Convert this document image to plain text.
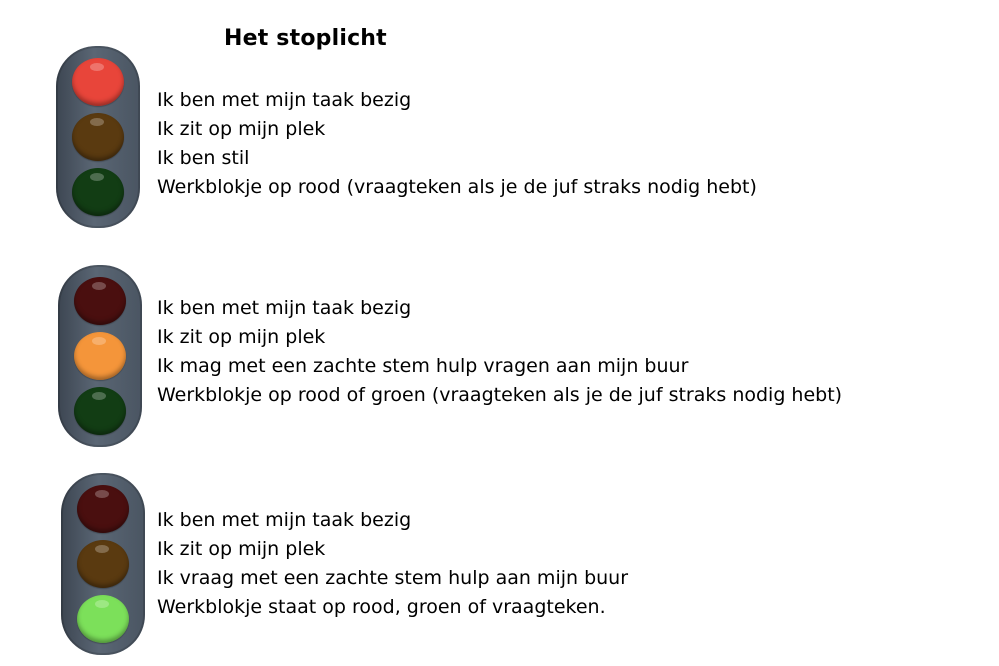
Het stoplicht
Ik ben met mijn taak bezig
Ik zit op mijn plek
Ik ben stil
Werkblokje op rood (vraagteken als je de juf straks nodig hebt)
Ik ben met mijn taak bezig
Ik zit op mijn plek
Ik mag met een zachte stem hulp vragen aan mijn buur
Werkblokje op rood of groen (vraagteken als je de juf straks nodig hebt)
Ik ben met mijn taak bezig
Ik zit op mijn plek
Ik vraag met een zachte stem hulp aan mijn buur
Werkblokje staat op rood, groen of vraagteken.
